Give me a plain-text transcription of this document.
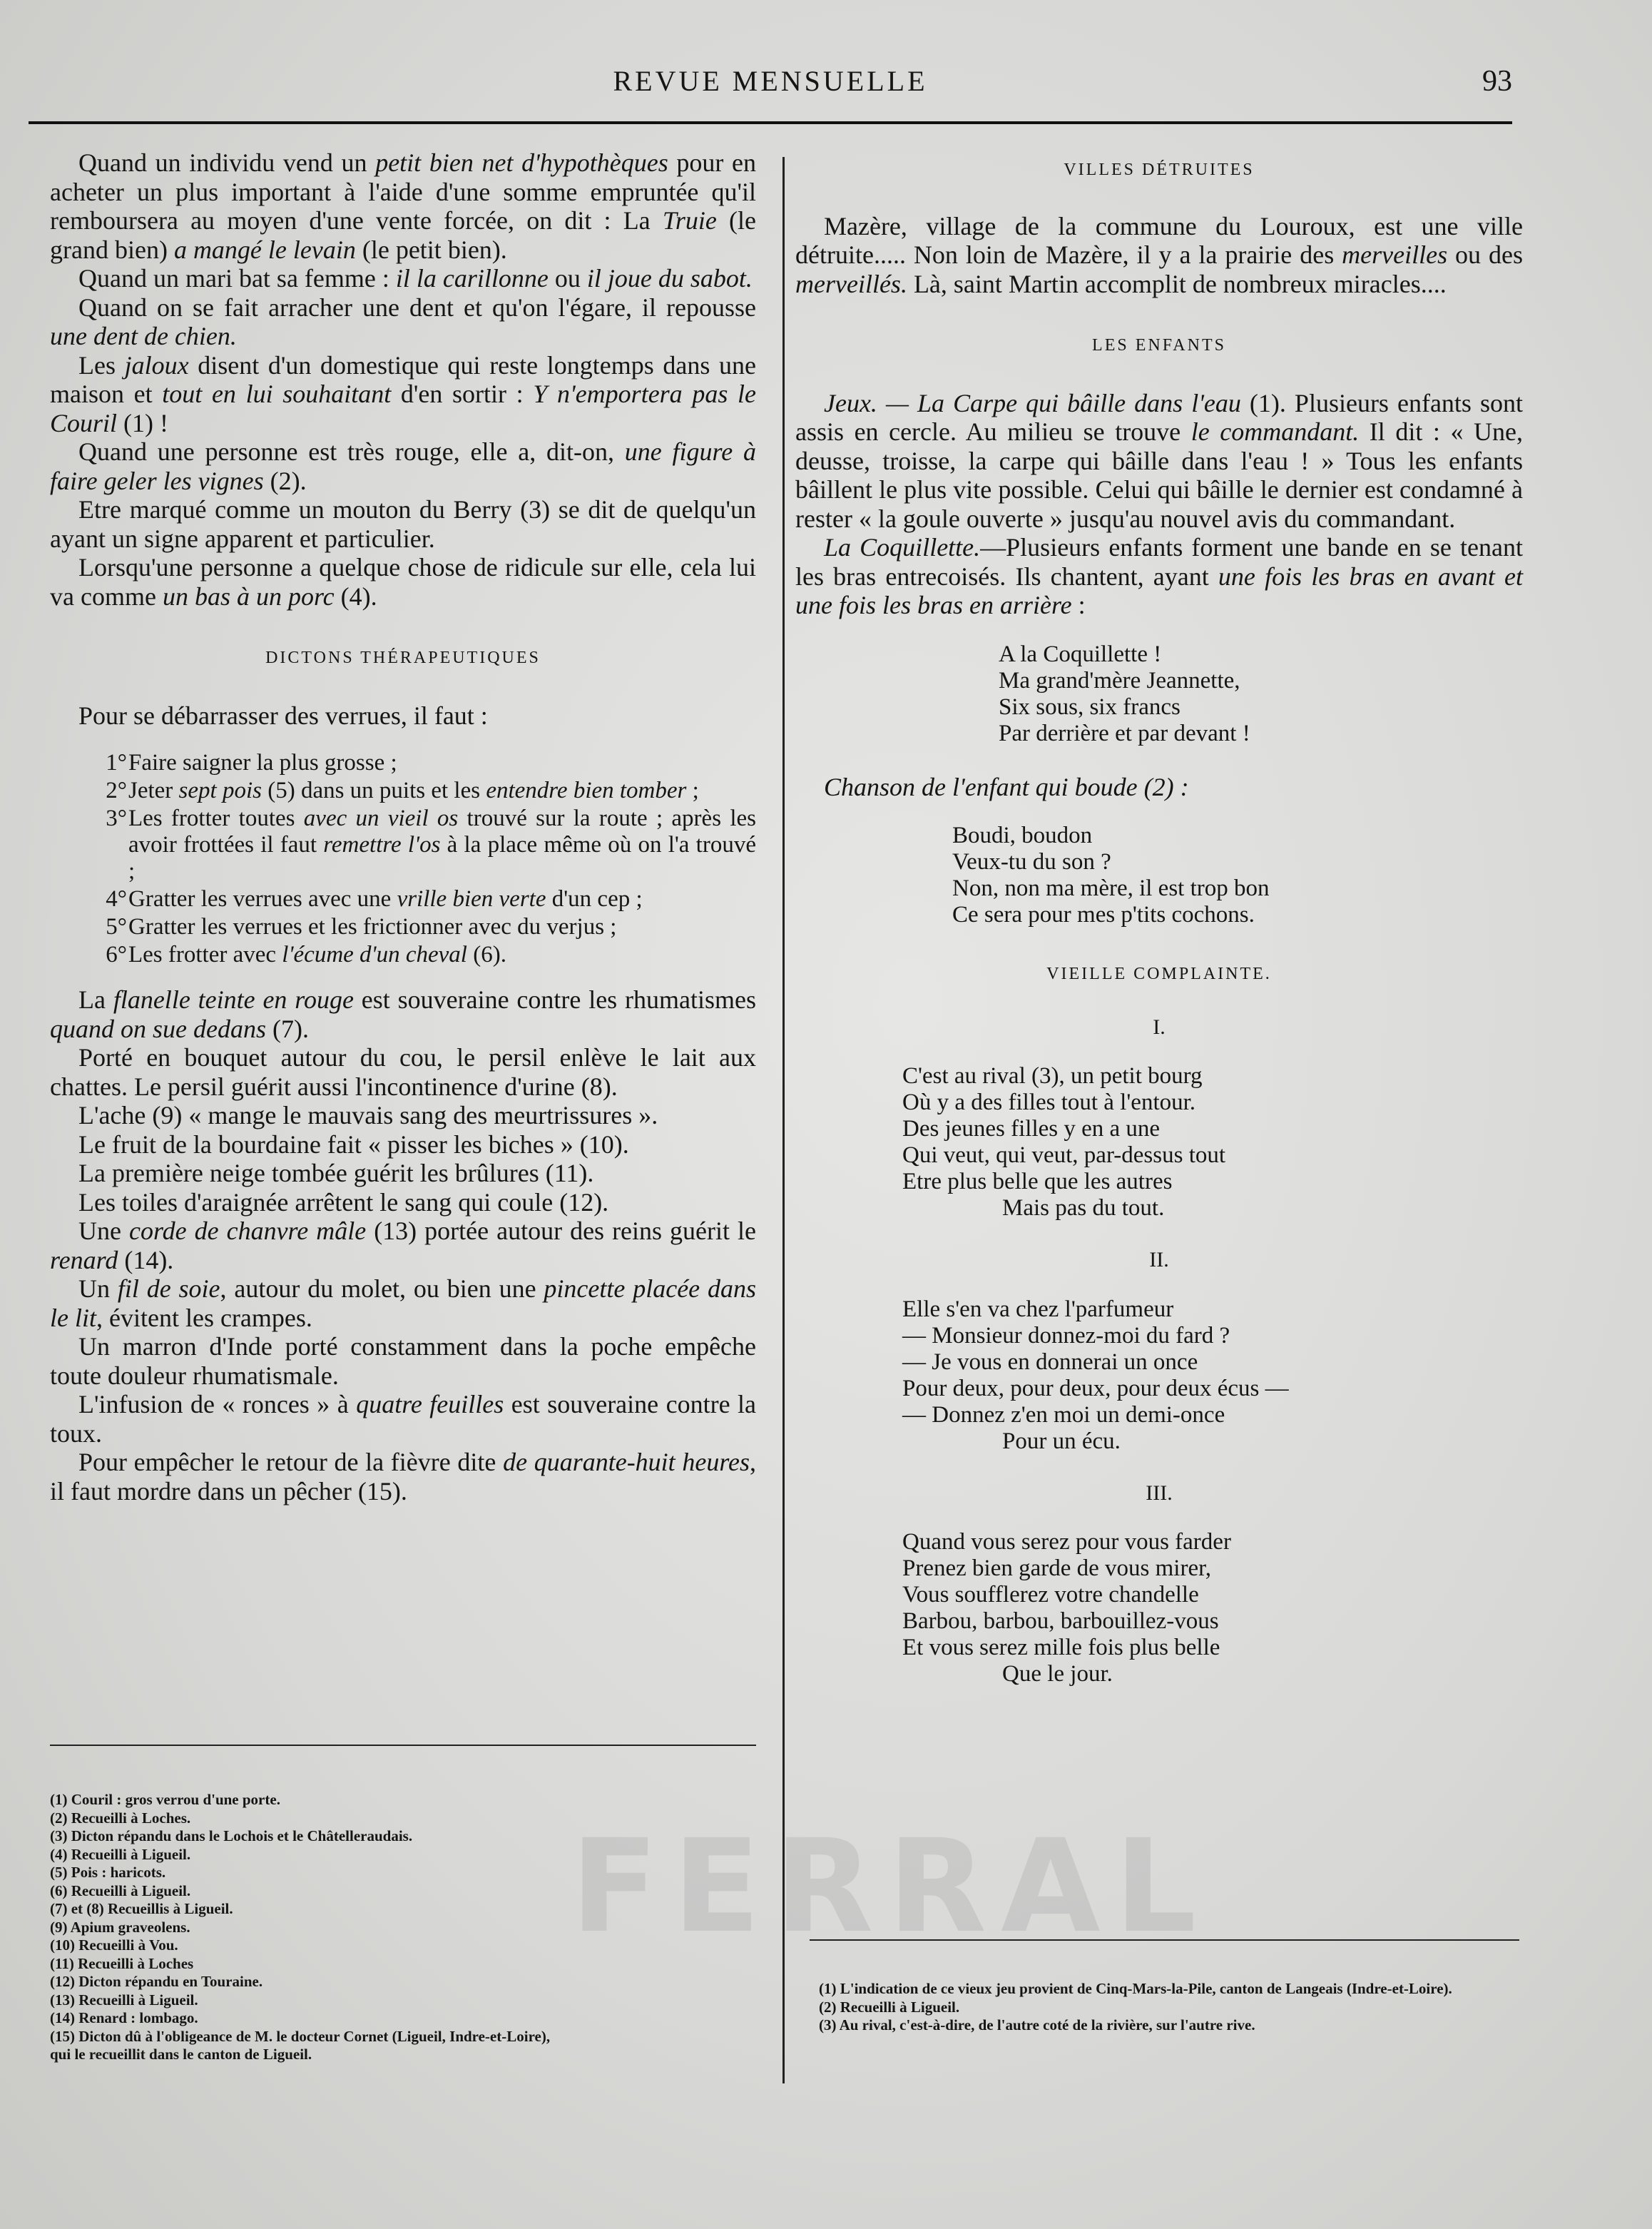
FERRAL
REVUE MENSUELLE	93

Quand un individu vend un petit bien net d'hypothèques pour en acheter un plus important à l'aide d'une somme empruntée qu'il remboursera au moyen d'une vente forcée, on dit : La Truie (le grand bien) a mangé le levain (le petit bien).

Quand un mari bat sa femme : il la carillonne ou il joue du sabot.

Quand on se fait arracher une dent et qu'on l'égare, il repousse une dent de chien.

Les jaloux disent d'un domestique qui reste longtemps dans une maison et tout en lui souhaitant d'en sortir : Y n'emportera pas le Couril (1) !

Quand une personne est très rouge, elle a, dit-on, une figure à faire geler les vignes (2).

Etre marqué comme un mouton du Berry (3) se dit de quelqu'un ayant un signe apparent et particulier.

Lorsqu'une personne a quelque chose de ridicule sur elle, cela lui va comme un bas à un porc (4).

DICTONS THÉRAPEUTIQUES

Pour se débarrasser des verrues, il faut :

1° Faire saigner la plus grosse ;
2° Jeter sept pois (5) dans un puits et les entendre bien tomber ;
3° Les frotter toutes avec un vieil os trouvé sur la route ; après les avoir frottées il faut remettre l'os à la place même où on l'a trouvé ;
4° Gratter les verrues avec une vrille bien verte d'un cep ;
5° Gratter les verrues et les frictionner avec du verjus ;
6° Les frotter avec l'écume d'un cheval (6).

La flanelle teinte en rouge est souveraine contre les rhumatismes quand on sue dedans (7).

Porté en bouquet autour du cou, le persil enlève le lait aux chattes. Le persil guérit aussi l'incontinence d'urine (8).

L'ache (9) « mange le mauvais sang des meurtrissures ».

Le fruit de la bourdaine fait « pisser les biches » (10).

La première neige tombée guérit les brûlures (11).

Les toiles d'araignée arrêtent le sang qui coule (12).

Une corde de chanvre mâle (13) portée autour des reins guérit le renard (14).

Un fil de soie, autour du molet, ou bien une pincette placée dans le lit, évitent les crampes.

Un marron d'Inde porté constamment dans la poche empêche toute douleur rhumatismale.

L'infusion de « ronces » à quatre feuilles est souveraine contre la toux.

Pour empêcher le retour de la fièvre dite de quarante-huit heures, il faut mordre dans un pêcher (15).

(1) Couril : gros verrou d'une porte.
(2) Recueilli à Loches.
(3) Dicton répandu dans le Lochois et le Châtelleraudais.
(4) Recueilli à Ligueil.
(5) Pois : haricots.
(6) Recueilli à Ligueil.
(7) et (8) Recueillis à Ligueil.
(9) Apium graveolens.
(10) Recueilli à Vou.
(11) Recueilli à Loches
(12) Dicton répandu en Touraine.
(13) Recueilli à Ligueil.
(14) Renard : lombago.
(15) Dicton dû à l'obligeance de M. le docteur Cornet (Ligueil, Indre-et-Loire),
qui le recueillit dans le canton de Ligueil.
VILLES DÉTRUITES

Mazère, village de la commune du Louroux, est une ville détruite..... Non loin de Mazère, il y a la prairie des merveilles ou des merveillés. Là, saint Martin accomplit de nombreux miracles....

LES ENFANTS

Jeux. — La Carpe qui bâille dans l'eau (1). Plusieurs enfants sont assis en cercle. Au milieu se trouve le commandant. Il dit : « Une, deusse, troisse, la carpe qui bâille dans l'eau ! » Tous les enfants bâillent le plus vite possible. Celui qui bâille le dernier est condamné à rester « la goule ouverte » jusqu'au nouvel avis du commandant.

La Coquillette.—Plusieurs enfants forment une bande en se tenant les bras entrecoisés. Ils chantent, ayant une fois les bras en avant et une fois les bras en arrière :

A la Coquillette !
Ma grand'mère Jeannette,
Six sous, six francs
Par derrière et par devant !

Chanson de l'enfant qui boude (2) :

Boudi, boudon
Veux-tu du son ?
Non, non ma mère, il est trop bon
Ce sera pour mes p'tits cochons.
VIEILLE COMPLAINTE.
I.
C'est au rival (3), un petit bourg
Où y a des filles tout à l'entour.
Des jeunes filles y en a une
Qui veut, qui veut, par-dessus tout
Etre plus belle que les autres
Mais pas du tout.
II.
Elle s'en va chez l'parfumeur
— Monsieur donnez-moi du fard ?
— Je vous en donnerai un once
Pour deux, pour deux, pour deux écus —
— Donnez z'en moi un demi-once
Pour un écu.
III.
Quand vous serez pour vous farder
Prenez bien garde de vous mirer,
Vous soufflerez votre chandelle
Barbou, barbou, barbouillez-vous
Et vous serez mille fois plus belle
Que le jour.
(1) L'indication de ce vieux jeu provient de Cinq-Mars-la-Pile, canton de Langeais (Indre-et-Loire).
(2) Recueilli à Ligueil.
(3) Au rival, c'est-à-dire, de l'autre coté de la rivière, sur l'autre rive.
